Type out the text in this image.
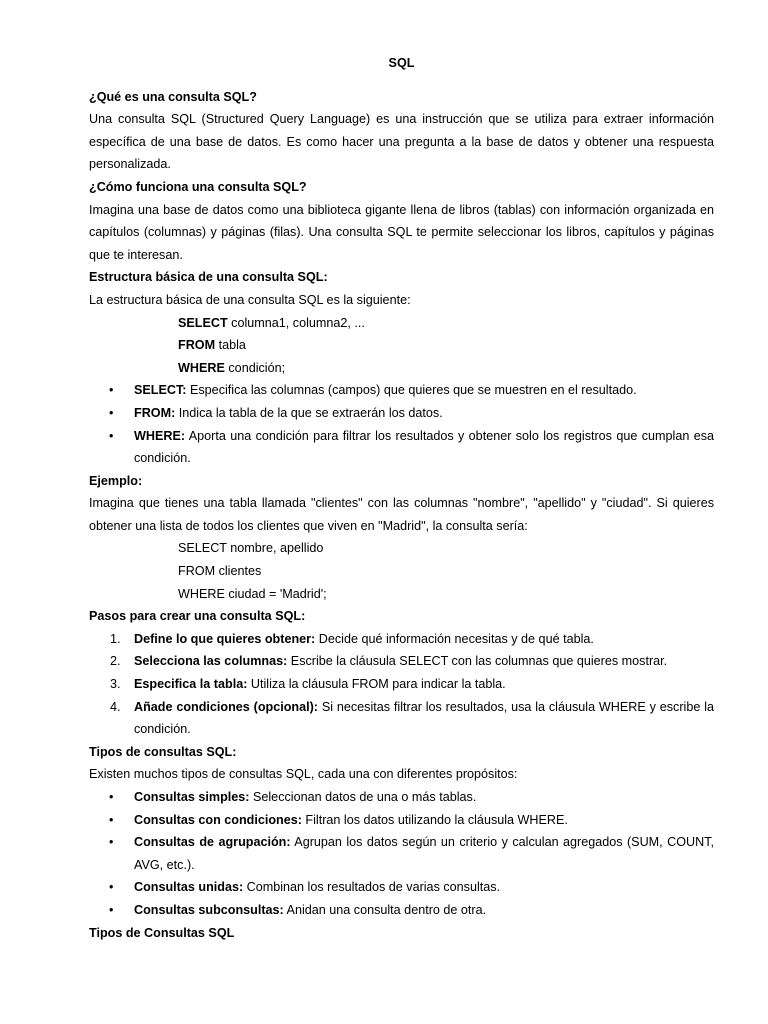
SQL
¿Qué es una consulta SQL?
Una consulta SQL (Structured Query Language) es una instrucción que se utiliza para extraer información específica de una base de datos. Es como hacer una pregunta a la base de datos y obtener una respuesta personalizada.
¿Cómo funciona una consulta SQL?
Imagina una base de datos como una biblioteca gigante llena de libros (tablas) con información organizada en capítulos (columnas) y páginas (filas). Una consulta SQL te permite seleccionar los libros, capítulos y páginas que te interesan.
Estructura básica de una consulta SQL:
La estructura básica de una consulta SQL es la siguiente:
SELECT columna1, columna2, ...
FROM tabla
WHERE condición;
•	SELECT: Especifica las columnas (campos) que quieres que se muestren en el resultado.
•	FROM: Indica la tabla de la que se extraerán los datos.
•	WHERE: Aporta una condición para filtrar los resultados y obtener solo los registros que cumplan esa condición.
Ejemplo:
Imagina que tienes una tabla llamada "clientes" con las columnas "nombre", "apellido" y "ciudad". Si quieres obtener una lista de todos los clientes que viven en "Madrid", la consulta sería:
SELECT nombre, apellido
FROM clientes
WHERE ciudad = 'Madrid';
Pasos para crear una consulta SQL:
1.	Define lo que quieres obtener: Decide qué información necesitas y de qué tabla.
2.	Selecciona las columnas: Escribe la cláusula SELECT con las columnas que quieres mostrar.
3.	Especifica la tabla: Utiliza la cláusula FROM para indicar la tabla.
4.	Añade condiciones (opcional): Si necesitas filtrar los resultados, usa la cláusula WHERE y escribe la condición.
Tipos de consultas SQL:
Existen muchos tipos de consultas SQL, cada una con diferentes propósitos:
•	Consultas simples: Seleccionan datos de una o más tablas.
•	Consultas con condiciones: Filtran los datos utilizando la cláusula WHERE.
•	Consultas de agrupación: Agrupan los datos según un criterio y calculan agregados (SUM, COUNT, AVG, etc.).
•	Consultas unidas: Combinan los resultados de varias consultas.
•	Consultas subconsultas: Anidan una consulta dentro de otra.
Tipos de Consultas SQL
